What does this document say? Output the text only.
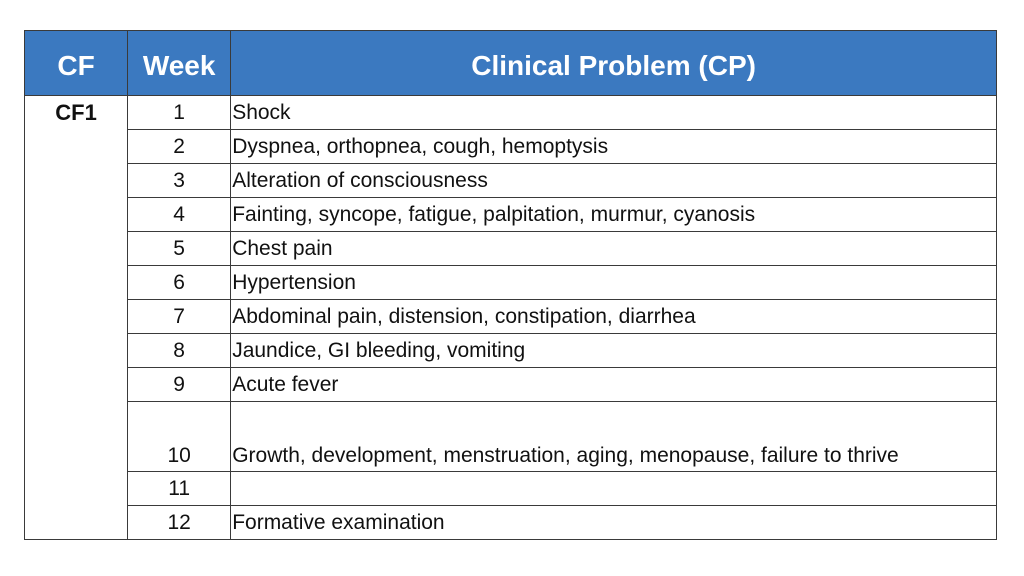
CF	Week	Clinical Problem (CP)
CF1	1	Shock
	2	Dyspnea, orthopnea, cough, hemoptysis
	3	Alteration of consciousness
	4	Fainting, syncope, fatigue, palpitation, murmur, cyanosis
	5	Chest pain
	6	Hypertension
	7	Abdominal pain, distension, constipation, diarrhea
	8	Jaundice, GI bleeding, vomiting
	9	Acute fever
	10	Growth, development, menstruation, aging, menopause, failure to thrive
	11	
	12	Formative examination
